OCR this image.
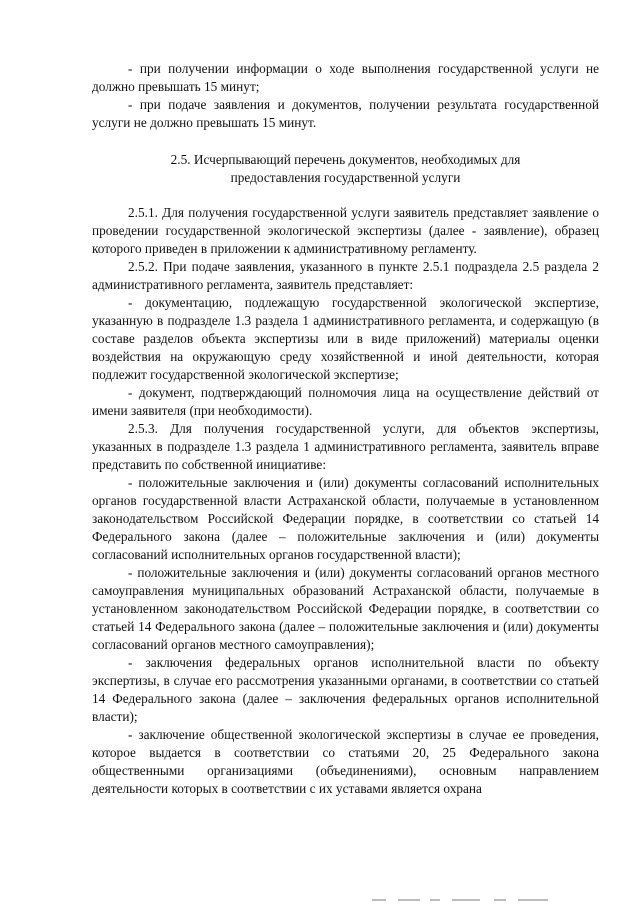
- при получении информации о ходе выполнения государственной услуги не должно превышать 15 минут;

- при подаче заявления и документов, получении результата государственной услуги не должно превышать 15 минут.

2.5. Исчерпывающий перечень документов, необходимых для
предоставления государственной услуги

2.5.1. Для получения государственной услуги заявитель представляет заявление о проведении государственной экологической экспертизы (далее - заявление), образец которого приведен в приложении к административному регламенту.

2.5.2. При подаче заявления, указанного в пункте 2.5.1 подраздела 2.5 раздела 2 административного регламента, заявитель представляет:

- документацию, подлежащую государственной экологической экспертизе, указанную в подразделе 1.3 раздела 1 административного регламента, и содержащую (в составе разделов объекта экспертизы или в виде приложений) материалы оценки воздействия на окружающую среду хозяйственной и иной деятельности, которая подлежит государственной экологической экспертизе;

- документ, подтверждающий полномочия лица на осуществление действий от имени заявителя (при необходимости).

2.5.3. Для получения государственной услуги, для объектов экспертизы, указанных в подразделе 1.3 раздела 1 административного регламента, заявитель вправе представить по собственной инициативе:

- положительные заключения и (или) документы согласований исполнительных органов государственной власти Астраханской области, получаемые в установленном законодательством Российской Федерации порядке, в соответствии со статьей 14 Федерального закона (далее – положительные заключения и (или) документы согласований исполнительных органов государственной власти);

- положительные заключения и (или) документы согласований органов местного самоуправления муниципальных образований Астраханской области, получаемые в установленном законодательством Российской Федерации порядке, в соответствии со статьей 14 Федерального закона (далее – положительные заключения и (или) документы согласований органов местного самоуправления);

- заключения федеральных органов исполнительной власти по объекту экспертизы, в случае его рассмотрения указанными органами, в соответствии со статьей 14 Федерального закона (далее – заключения федеральных органов исполнительной власти);

- заключение общественной экологической экспертизы в случае ее проведения, которое выдается в соответствии со статьями 20, 25 Федерального закона общественными организациями (объединениями), основным направлением деятельности которых в соответствии с их уставами является охрана
